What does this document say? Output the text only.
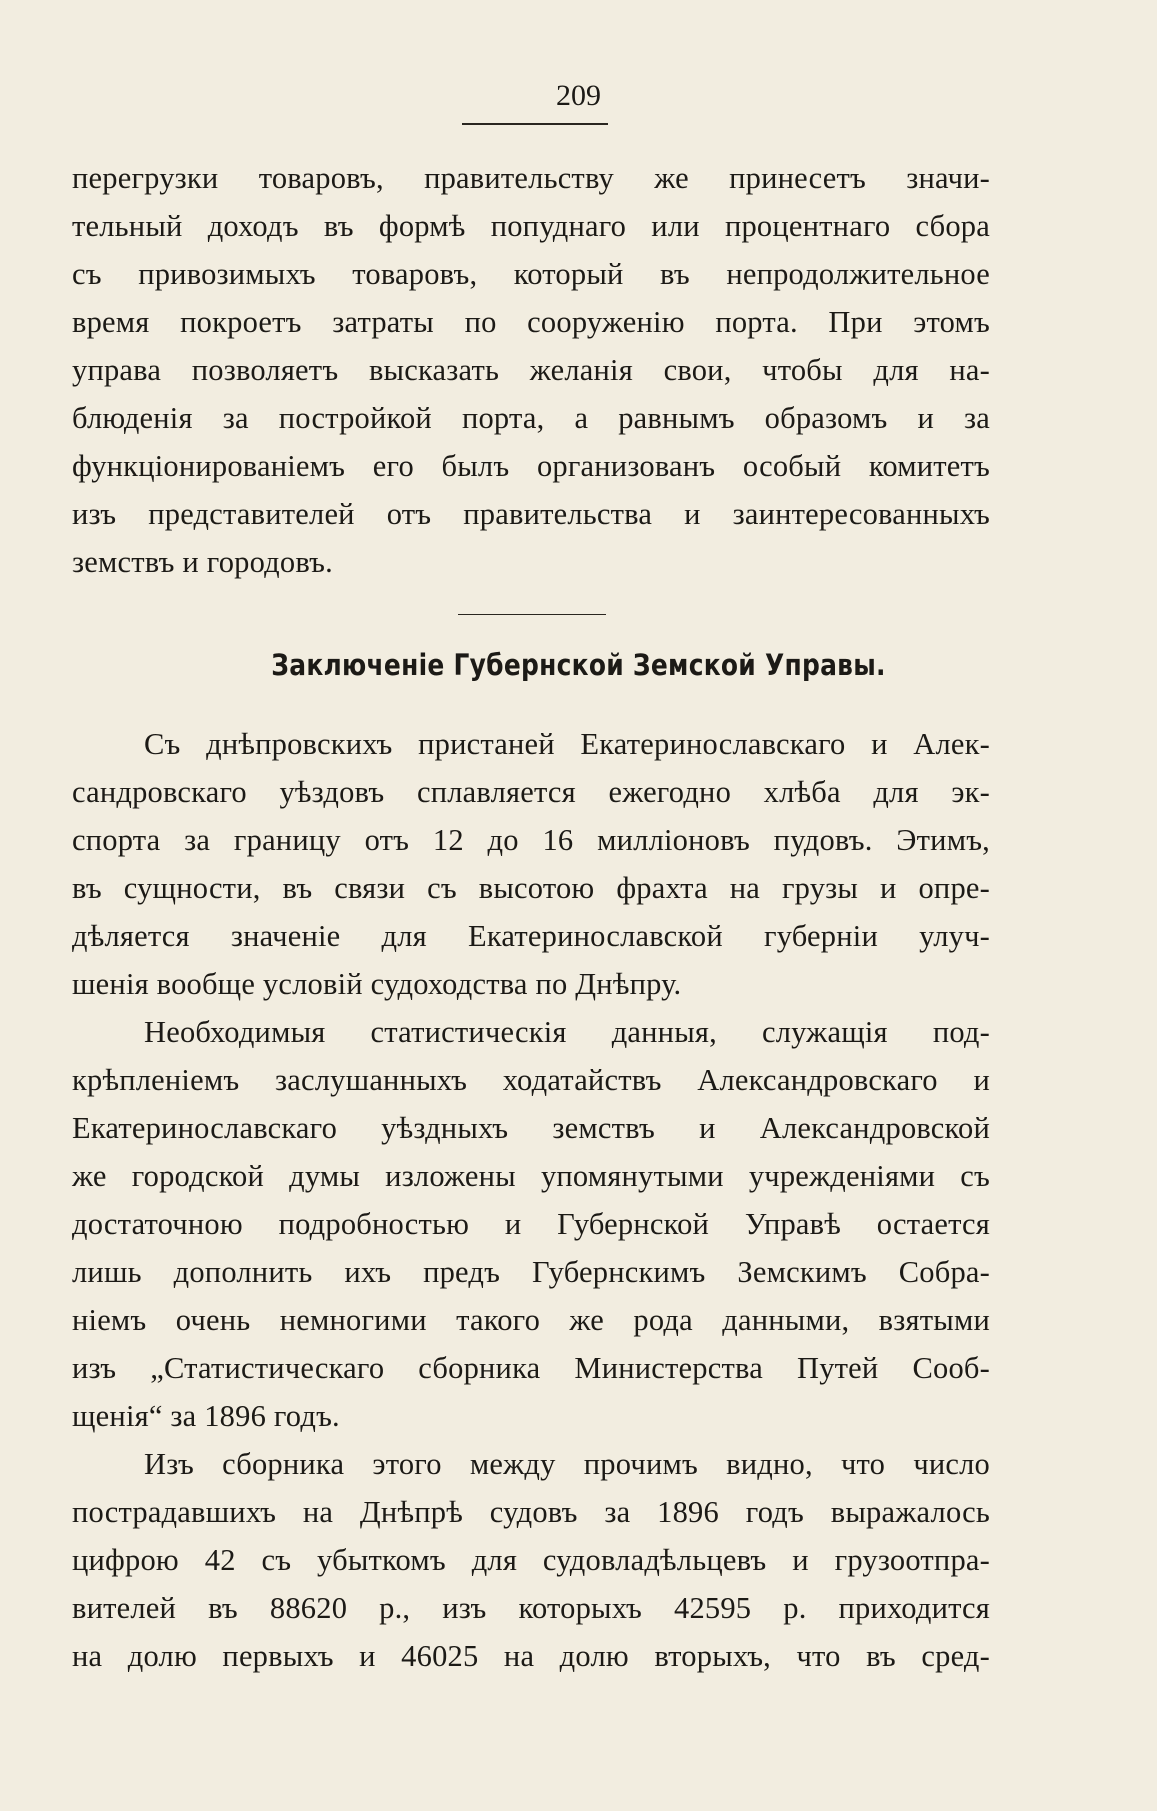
209
перегрузки товаровъ, правительству же принесетъ значи-
тельный доходъ въ формѣ попуднаго или процентнаго сбора
съ привозимыхъ товаровъ, который въ непродолжительное
время покроетъ затраты по сооруженiю порта. При этомъ
управа позволяетъ высказать желанiя свои, чтобы для на-
блюденiя за постройкой порта, а равнымъ образомъ и за
функцiонированiемъ его былъ организованъ особый комитетъ
изъ представителей отъ правительства и заинтересованныхъ
земствъ и городовъ.
Заключенiе Губернской Земской Управы.
Съ днѣпровскихъ пристаней Екатеринославскаго и Алек-
сандровскаго уѣздовъ сплавляется ежегодно хлѣба для эк-
спорта за границу отъ 12 до 16 миллiоновъ пудовъ. Этимъ,
въ сущности, въ связи съ высотою фрахта на грузы и опре-
дѣляется значенiе для Екатеринославской губернiи улуч-
шенiя вообще условiй судоходства по Днѣпру.
Необходимыя статистическiя данныя, служащiя под-
крѣпленiемъ заслушанныхъ ходатайствъ Александровскаго и
Екатеринославскаго уѣздныхъ земствъ и Александровской
же городской думы изложены упомянутыми учрежденiями съ
достаточною подробностью и Губернской Управѣ остается
лишь дополнить ихъ предъ Губернскимъ Земскимъ Собра-
нiемъ очень немногими такого же рода данными, взятыми
изъ „Статистическаго сборника Министерства Путей Сооб-
щенiя“ за 1896 годъ.
Изъ сборника этого между прочимъ видно, что число
пострадавшихъ на Днѣпрѣ судовъ за 1896 годъ выражалось
цифрою 42 съ убыткомъ для судовладѣльцевъ и грузоотпра-
вителей въ 88620 р., изъ которыхъ 42595 р. приходится
на долю первыхъ и 46025 на долю вторыхъ, что въ сред-
